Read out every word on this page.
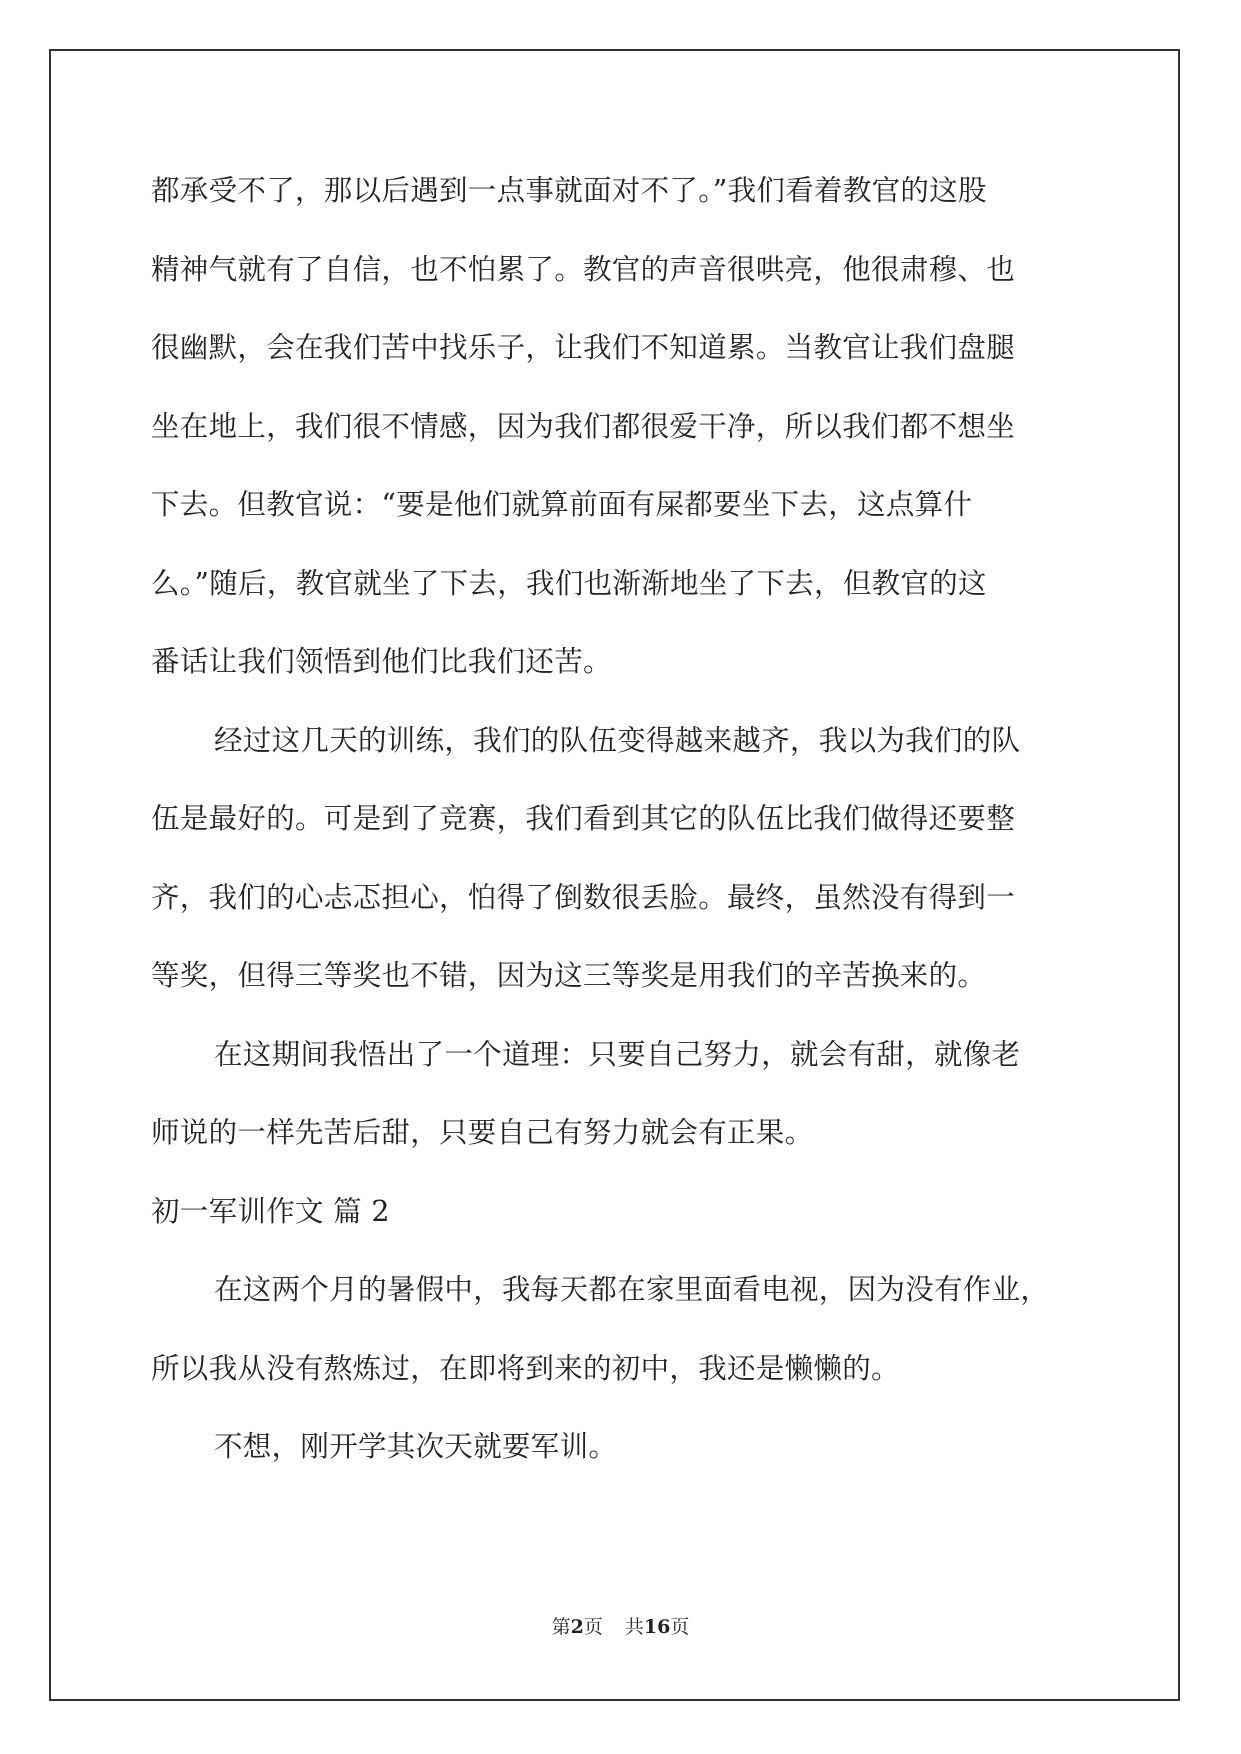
都承受不了，那以后遇到一点事就面对不了。”我们看着教官的这股
精神气就有了自信，也不怕累了。教官的声音很哄亮，他很肃穆、也
很幽默，会在我们苦中找乐子，让我们不知道累。当教官让我们盘腿
坐在地上，我们很不情感，因为我们都很爱干净，所以我们都不想坐
下去。但教官说：“要是他们就算前面有屎都要坐下去，这点算什
么。”随后，教官就坐了下去，我们也渐渐地坐了下去，但教官的这
番话让我们领悟到他们比我们还苦。
经过这几天的训练，我们的队伍变得越来越齐，我以为我们的队
伍是最好的。可是到了竞赛，我们看到其它的队伍比我们做得还要整
齐，我们的心忐忑担心，怕得了倒数很丢脸。最终，虽然没有得到一
等奖，但得三等奖也不错，因为这三等奖是用我们的辛苦换来的。
在这期间我悟出了一个道理：只要自己努力，就会有甜，就像老
师说的一样先苦后甜，只要自己有努力就会有正果。
初一军训作文 篇 2
在这两个月的暑假中，我每天都在家里面看电视，因为没有作业，
所以我从没有熬炼过，在即将到来的初中，我还是懒懒的。
不想，刚开学其次天就要军训。
第2页 共16页
